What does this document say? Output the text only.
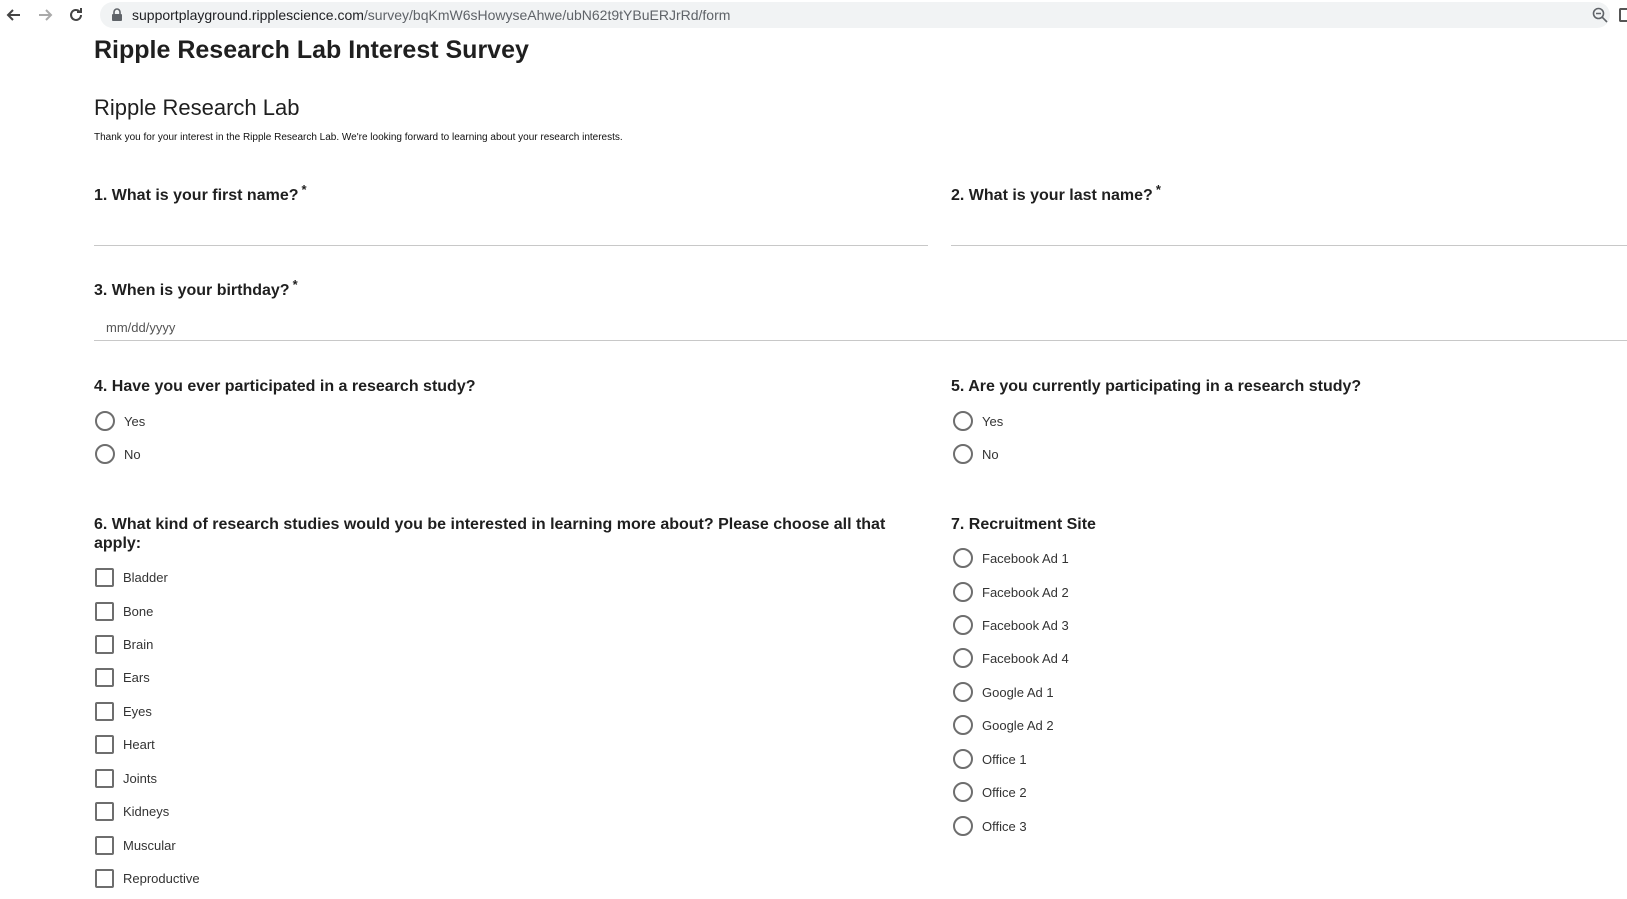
supportplayground.ripplescience.com/survey/bqKmW6sHowyseAhwe/ubN62t9tYBuERJrRd/form
Ripple Research Lab Interest Survey
Ripple Research Lab
Thank you for your interest in the Ripple Research Lab. We're looking forward to learning about your research interests.
1. What is your first name? *	2. What is your last name? *
3. When is your birthday? *
mm/dd/yyyy
4. Have you ever participated in a research study?
Yes
No
5. Are you currently participating in a research study?
Yes
No
6. What kind of research studies would you be interested in learning more about? Please choose all that
apply:
Bladder
Bone
Brain
Ears
Eyes
Heart
Joints
Kidneys
Muscular
Reproductive
7. Recruitment Site
Facebook Ad 1
Facebook Ad 2
Facebook Ad 3
Facebook Ad 4
Google Ad 1
Google Ad 2
Office 1
Office 2
Office 3
